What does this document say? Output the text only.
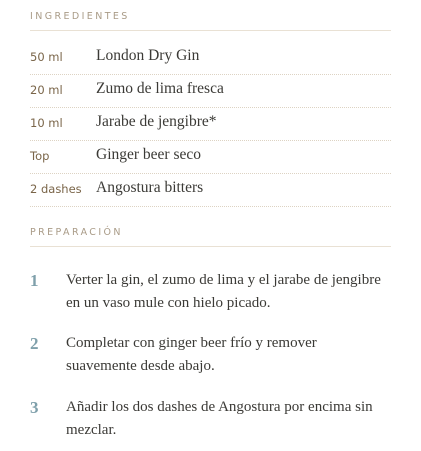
INGREDIENTES
50 ml London Dry Gin
20 ml Zumo de lima fresca
10 ml Jarabe de jengibre*
Top	Ginger beer seco
2 dashes Angostura bitters
PREPARACIÓN
1 Verter la gin, el zumo de lima y el jarabe de jengibre en un vaso mule con hielo picado.
2 Completar con ginger beer frío y remover suavemente desde abajo.
3 Añadir los dos dashes de Angostura por encima sin mezclar.
